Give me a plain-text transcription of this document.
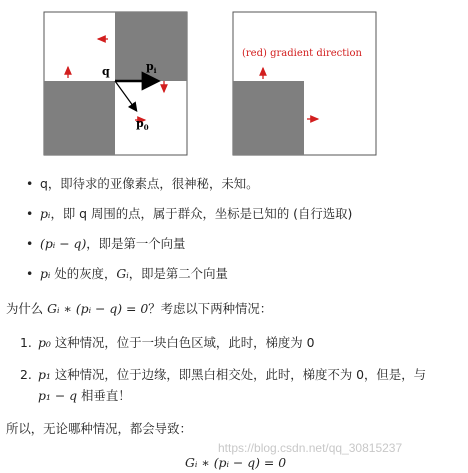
q	$p_i$
$p_0$
(red) gradient direction
• q，即待求的亚像素点，很神秘，未知。
• pᵢ，即 q 周围的点，属于群众，坐标是已知的 (自行选取)
• (pᵢ − q)，即是第一个向量
• pᵢ 处的灰度，Gᵢ，即是第二个向量
为什么 Gᵢ ∗ (pᵢ − q) = 0？考虑以下两种情况：
1. p₀ 这种情况，位于一块白色区域，此时，梯度为 0
2. p₁ 这种情况，位于边缘，即黑白相交处，此时，梯度不为 0，但是，与
p₁ − q 相垂直！
所以，无论哪种情况，都会导致：
https://blog.csdn.net/qq_30815237
Gᵢ ∗ (pᵢ − q) = 0
